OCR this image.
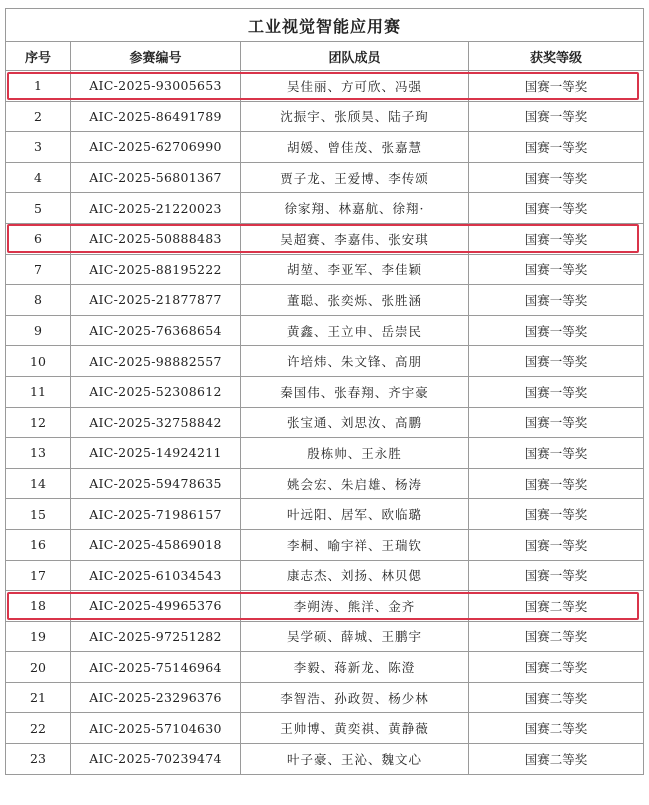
工业视觉智能应用赛			
序号	参赛编号	团队成员	获奖等级
1	AIC-2025-93005653	吴佳丽、方可欣、冯强	国赛一等奖
2	AIC-2025-86491789	沈振宇、张颀昊、陆子珣	国赛一等奖
3	AIC-2025-62706990	胡媛、曾佳茂、张嘉慧	国赛一等奖
4	AIC-2025-56801367	贾子龙、王爱博、李传颂	国赛一等奖
5	AIC-2025-21220023	徐家翔、林嘉航、徐翔·	国赛一等奖
6	AIC-2025-50888483	吴超赛、李嘉伟、张安琪	国赛一等奖
7	AIC-2025-88195222	胡堃、李亚军、李佳颖	国赛一等奖
8	AIC-2025-21877877	董聪、张奕烁、张胜涵	国赛一等奖
9	AIC-2025-76368654	黄鑫、王立申、岳崇民	国赛一等奖
10	AIC-2025-98882557	许培炜、朱文锋、高朋	国赛一等奖
11	AIC-2025-52308612	秦国伟、张春翔、齐宇豪	国赛一等奖
12	AIC-2025-32758842	张宝通、刘思汝、高鹏	国赛一等奖
13	AIC-2025-14924211	殷栋帅、王永胜	国赛一等奖
14	AIC-2025-59478635	姚会宏、朱启雄、杨涛	国赛一等奖
15	AIC-2025-71986157	叶远阳、居军、欧临璐	国赛一等奖
16	AIC-2025-45869018	李桐、喻宇祥、王瑞钦	国赛一等奖
17	AIC-2025-61034543	康志杰、刘扬、林贝偲	国赛一等奖
18	AIC-2025-49965376	李朔涛、熊洋、金齐	国赛二等奖
19	AIC-2025-97251282	吴学硕、薛城、王鹏宇	国赛二等奖
20	AIC-2025-75146964	李毅、蒋新龙、陈澄	国赛二等奖
21	AIC-2025-23296376	李智浩、孙政贺、杨少林	国赛二等奖
22	AIC-2025-57104630	王帅博、黄奕祺、黄静薇	国赛二等奖
23	AIC-2025-70239474	叶子豪、王沁、魏文心	国赛二等奖
